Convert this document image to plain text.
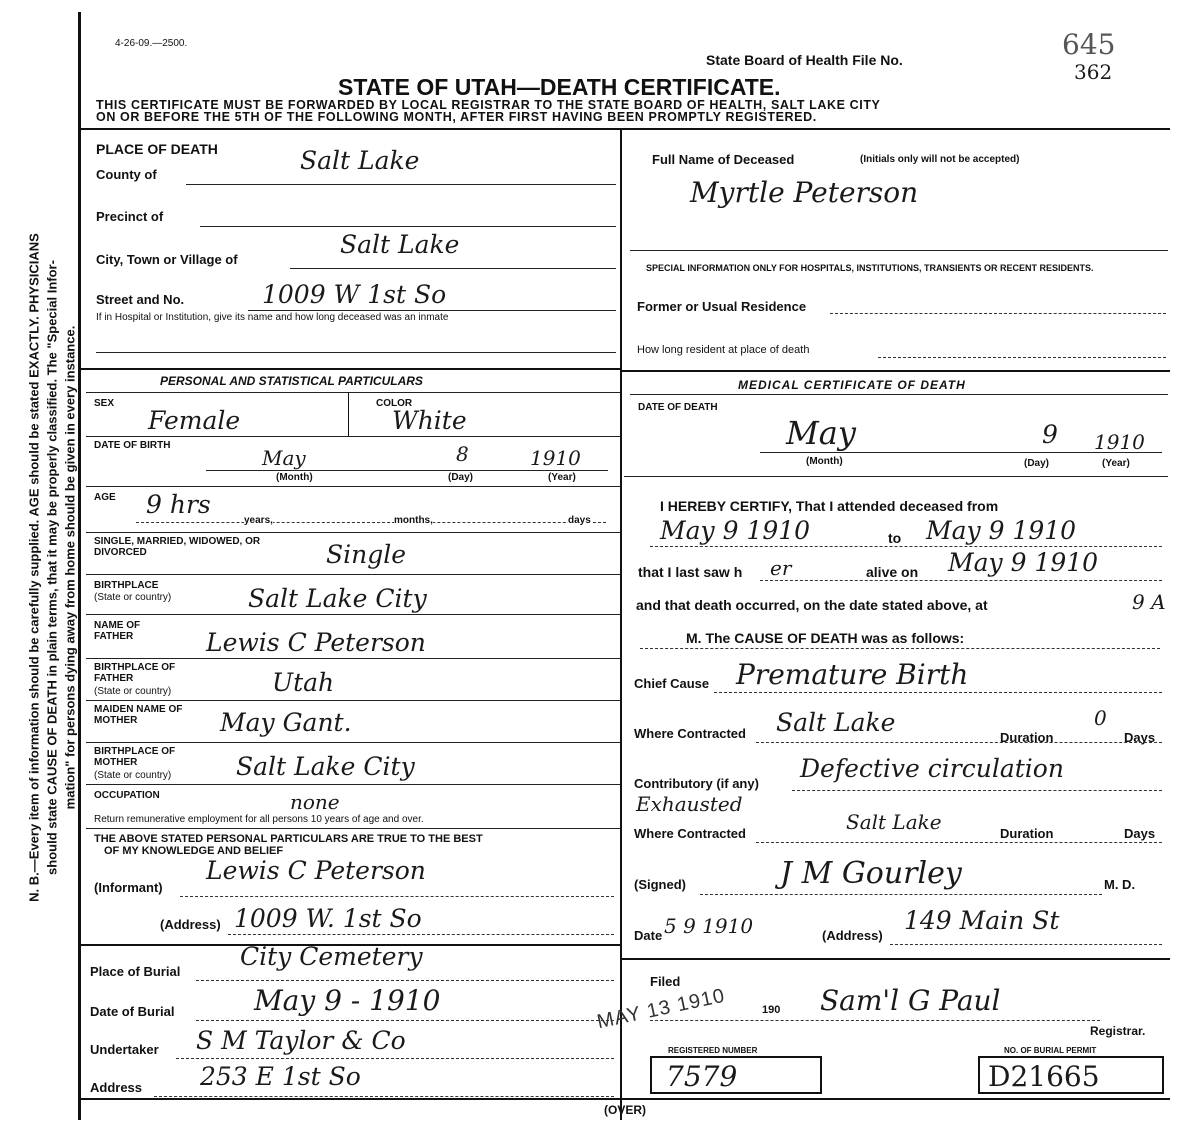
N. B.—Every item of information should be carefully supplied. AGE should be stated EXACTLY. PHYSICIANS should state CAUSE OF DEATH in plain terms, that it may be properly classified. The "Special Infor- mation" for persons dying away from home should be given in every instance.
4-26-09.—2500.
State Board of Health File No.	645
362
STATE OF UTAH—DEATH CERTIFICATE.
THIS CERTIFICATE MUST BE FORWARDED BY LOCAL REGISTRAR TO THE STATE BOARD OF HEALTH, SALT LAKE CITY
ON OR BEFORE THE 5TH OF THE FOLLOWING MONTH, AFTER FIRST HAVING BEEN PROMPTLY REGISTERED.
PLACE OF DEATH
County of	Salt Lake
Precinct of
City, Town or Village of
Salt Lake
Street and No.	1009 W 1st So
If in Hospital or Institution, give its name and how long deceased was an inmate
Full Name of Deceased	(Initials only will not be accepted)
Myrtle Peterson
SPECIAL INFORMATION ONLY FOR HOSPITALS, INSTITUTIONS, TRANSIENTS OR RECENT RESIDENTS.
Former or Usual Residence
How long resident at place of death
PERSONAL AND STATISTICAL PARTICULARS
SEX
Female
COLOR
White
DATE OF BIRTH
May	8	1910
(Month)	(Day)	(Year)
AGE 9 hrs
years,	months,	days
SINGLE, MARRIED, WIDOWED, OR DIVORCED	Single
BIRTHPLACE
(State or country)	Salt Lake City
NAME OF FATHER	Lewis C Peterson
BIRTHPLACE OF FATHER
(State or country)	Utah
MAIDEN NAME OF MOTHER	May Gant.
BIRTHPLACE OF MOTHER
(State or country)	Salt Lake City
OCCUPATION	none
Return remunerative employment for all persons 10 years of age and over.
THE ABOVE STATED PERSONAL PARTICULARS ARE TRUE TO THE BEST
OF MY KNOWLEDGE AND BELIEF
(Informant)
Lewis C Peterson
(Address) 1009 W. 1st So
Place of Burial
City Cemetery
Date of Burial	May 9 - 1910
Undertaker S M Taylor & Co
Address 253 E 1st So
MEDICAL CERTIFICATE OF DEATH
DATE OF DEATH
May	9 1910
(Month)	(Day)	(Year)
I HEREBY CERTIFY, That I attended deceased from
May 9 1910	to May 9 1910
that I last saw h er	alive on May 9 1910
and that death occurred, on the date stated above, at	9 A
M. The CAUSE OF DEATH was as follows:
Chief Cause Premature Birth
Where Contracted Salt Lake
Duration
0
Days
Contributory (if any)
Defective circulation
Exhausted
Where Contracted	Salt Lake	Duration	Days
(Signed)	J M Gourley	M. D.
Date 5 9 1910	(Address)
149 Main St
Filed
MAY 13 1910	190 Sam'l G Paul
Registrar.
REGISTERED NUMBER
7579
NO. OF BURIAL PERMIT
D21665
(OVER)
